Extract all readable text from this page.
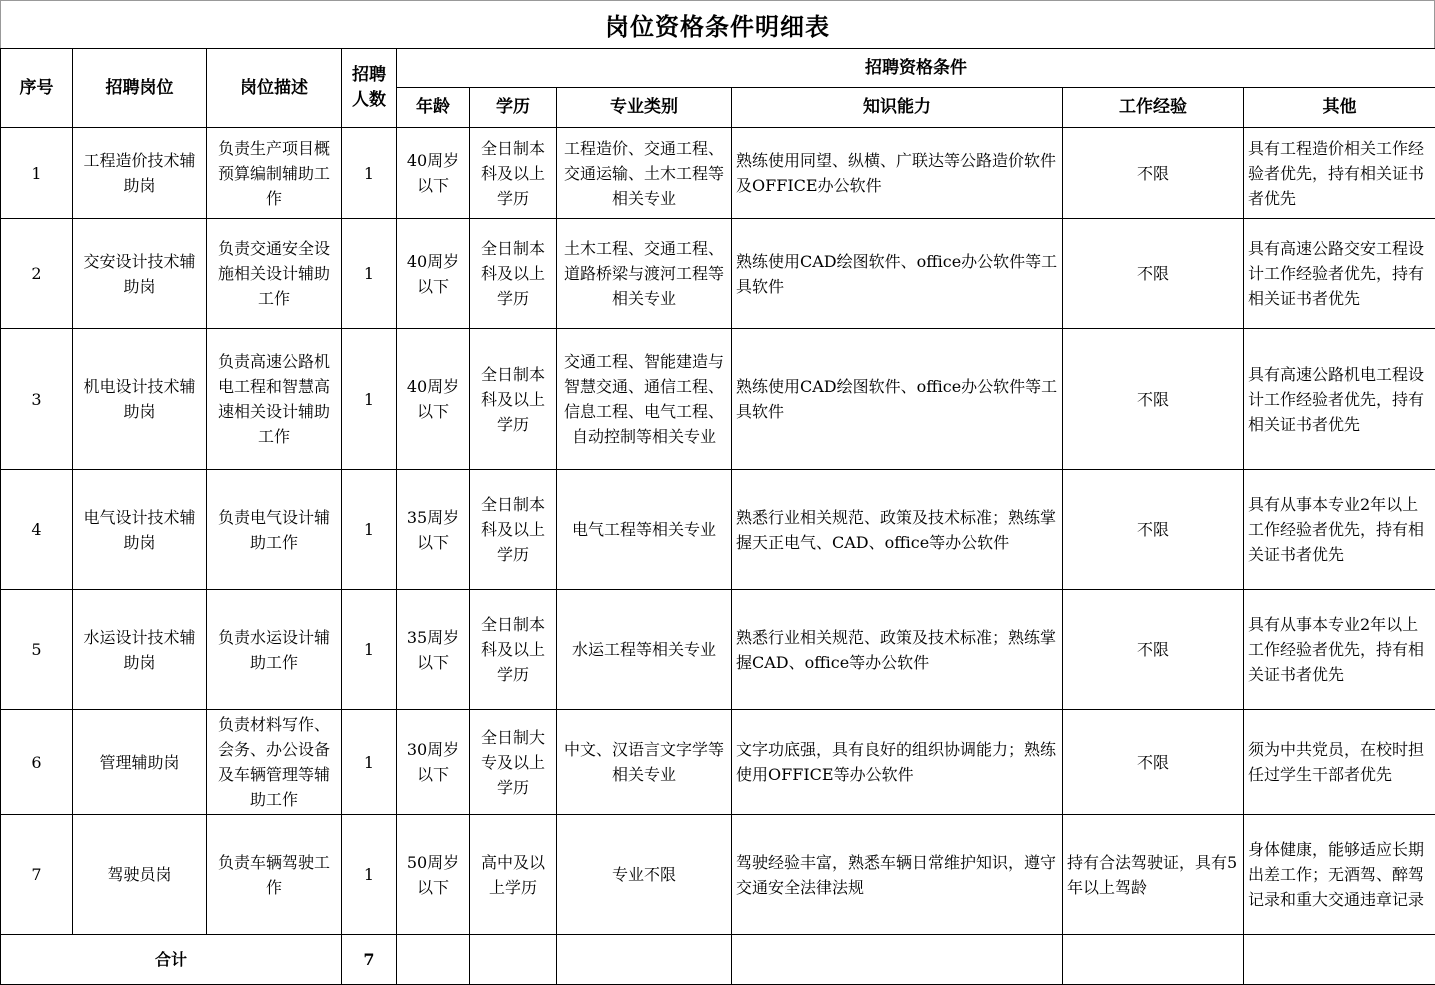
岗位资格条件明细表
序号	招聘岗位	岗位描述	招聘人数	招聘资格条件					
				年龄	学历	专业类别	知识能力	工作经验	其他
1	工程造价技术辅助岗	负责生产项目概预算编制辅助工作	1	40周岁以下	全日制本科及以上学历	工程造价、交通工程、交通运输、土木工程等相关专业	熟练使用同望、纵横、广联达等公路造价软件及OFFICE办公软件	不限	具有工程造价相关工作经验者优先，持有相关证书者优先
2	交安设计技术辅助岗	负责交通安全设施相关设计辅助工作	1	40周岁以下	全日制本科及以上学历	土木工程、交通工程、道路桥梁与渡河工程等相关专业	熟练使用CAD绘图软件、office办公软件等工具软件	不限	具有高速公路交安工程设计工作经验者优先，持有相关证书者优先
3	机电设计技术辅助岗	负责高速公路机电工程和智慧高速相关设计辅助工作	1	40周岁以下	全日制本科及以上学历	交通工程、智能建造与智慧交通、通信工程、信息工程、电气工程、自动控制等相关专业	熟练使用CAD绘图软件、office办公软件等工具软件	不限	具有高速公路机电工程设计工作经验者优先，持有相关证书者优先
4	电气设计技术辅助岗	负责电气设计辅助工作	1	35周岁以下	全日制本科及以上学历	电气工程等相关专业	熟悉行业相关规范、政策及技术标准；熟练掌握天正电气、CAD、office等办公软件	不限	具有从事本专业2年以上工作经验者优先，持有相关证书者优先
5	水运设计技术辅助岗	负责水运设计辅助工作	1	35周岁以下	全日制本科及以上学历	水运工程等相关专业	熟悉行业相关规范、政策及技术标准；熟练掌握CAD、office等办公软件	不限	具有从事本专业2年以上工作经验者优先，持有相关证书者优先
6	管理辅助岗	负责材料写作、会务、办公设备及车辆管理等辅助工作	1	30周岁以下	全日制大专及以上学历	中文、汉语言文字学等相关专业	文字功底强，具有良好的组织协调能力；熟练使用OFFICE等办公软件	不限	须为中共党员，在校时担任过学生干部者优先
7	驾驶员岗	负责车辆驾驶工作	1	50周岁以下	高中及以上学历	专业不限	驾驶经验丰富，熟悉车辆日常维护知识，遵守交通安全法律法规	持有合法驾驶证，具有5年以上驾龄	身体健康，能够适应长期出差工作；无酒驾、醉驾记录和重大交通违章记录
合计			7						
